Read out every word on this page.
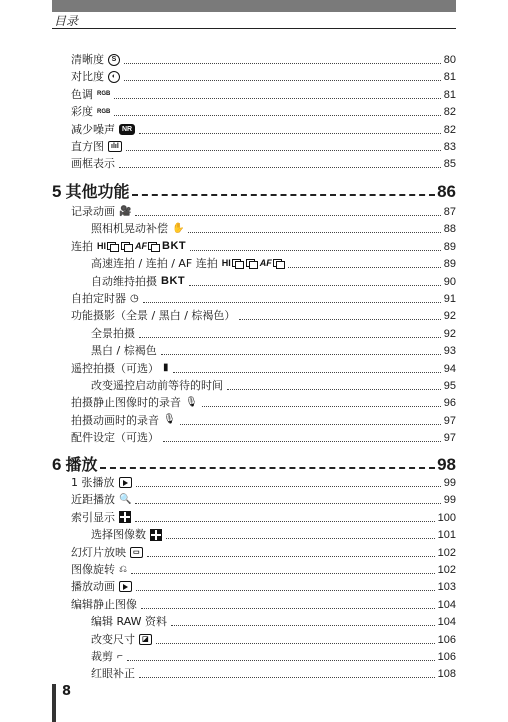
目录
清晰度	S	80
对比度	◐	81
色调 RGB	81
彩度 RGB	82
减少噪声	NR	82
直方图	ılıl	83
画框表示	85
5 其他功能	86
记录动画 🎥	87
照相机晃动补偿 ✋	88
连拍 HI	AF	BKT	89
高速连拍 / 连拍 / AF 连拍 HI	AF	89
自动维持拍摄 BKT	90
自拍定时器 ◷	91
功能摄影（全景 / 黑白 / 棕褐色）	92
全景拍摄	92
黑白 / 棕褐色	93
遥控拍摄（可选） ▮	94
改变遥控启动前等待的时间	95
拍摄静止图像时的录音 🎙	96
拍摄动画时的录音 🎙	97
配件设定（可选）	97
6 播放	98
1 张播放	99
近距播放 🔍	99
索引显示	100
选择图像数	101
幻灯片放映	▭	102
图像旋转 ⎌	102
播放动画	103
编辑静止图像	104
编辑 RAW 资料	104
改变尺寸	◪	106
裁剪 ⌐	106
红眼补正	108
8
